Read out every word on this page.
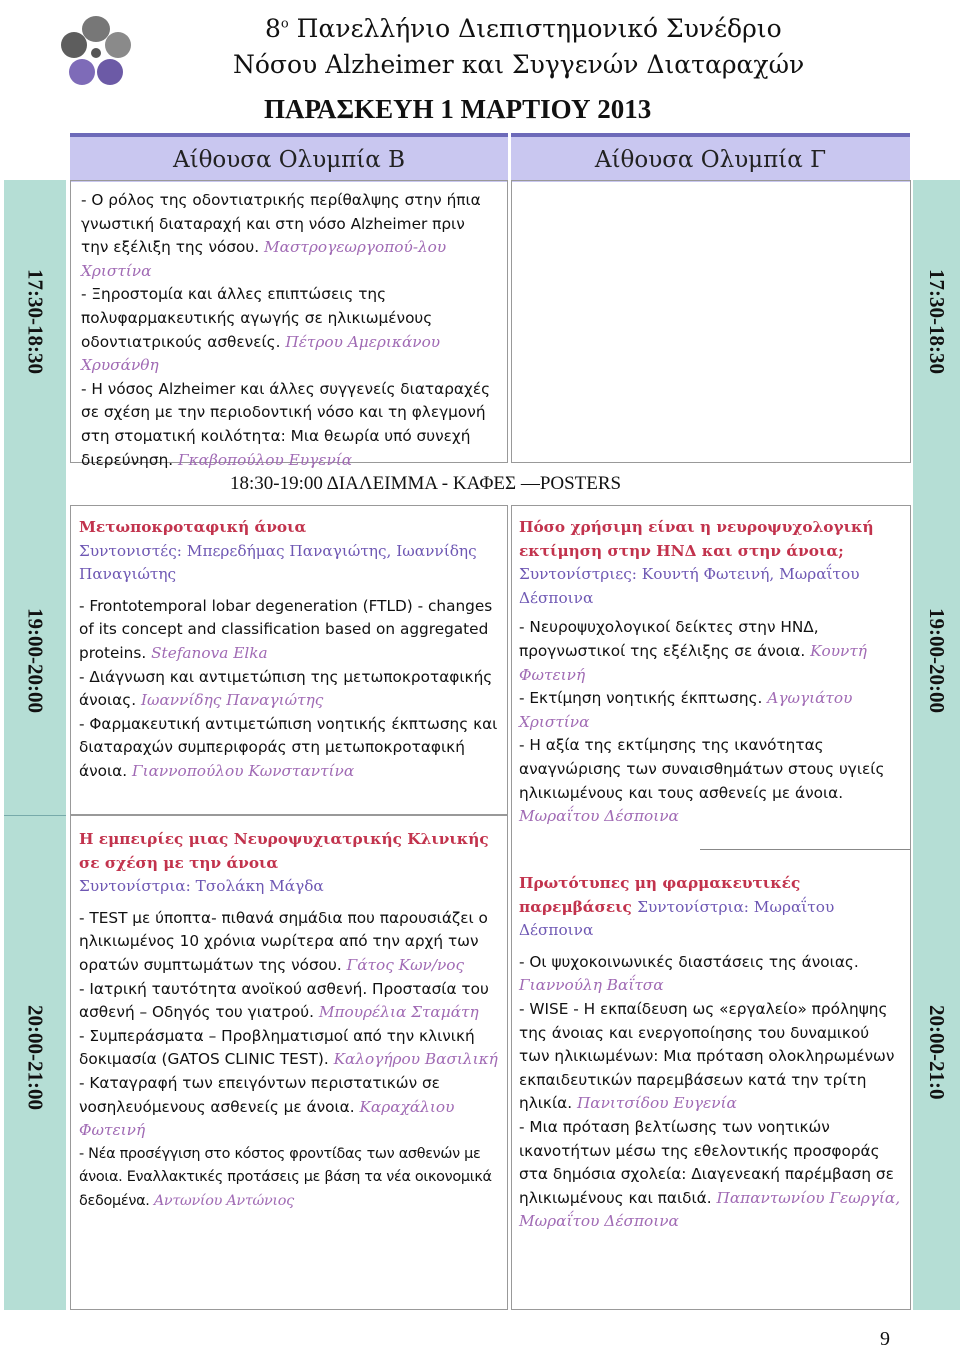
$8^o$ Πανελλήνιο Διεπιστημονικό Συνέδριο
Νόσου Alzheimer και Συγγενών Διαταραχών
ΠΑΡΑΣΚΕΥΗ 1 ΜΑΡΤΙΟΥ 2013
Αίθουσα Ολυμπία Β	Αίθουσα Ολυμπία Γ
17:30-18:30
19:00-20:00
20:00-21:00
17:30-18:30
19:00-20:00
20:00-21:0

- Ο ρόλος της οδοντιατρικής περίθαλψης στην ήπια γνωστική διαταραχή και στη νόσο Alzheimer πριν την εξέλιξη της νόσου. Μαστρογεωργοπού-λου Χριστίνα

- Ξηροστομία και άλλες επιπτώσεις της πολυφαρμακευτικής αγωγής σε ηλικιωμένους οδοντιατρικούς ασθενείς. Πέτρου Αμερικάνου Χρυσάνθη

- Η νόσος Alzheimer και άλλες συγγενείς διαταραχές σε σχέση με την περιοδοντική νόσο και τη φλεγμονή στη στοματική κοιλότητα: Μια θεωρία υπό συνεχή διερεύνηση. Γκαβοπούλου Ευγενία

18:30-19:00 ΔΙΑΛΕΙΜΜΑ - ΚΑΦΕΣ —POSTERS

Μετωποκροταφική άνοια

Συντονιστές: Μπερεδήμας Παναγιώτης, Ιωαννίδης Παναγιώτης

- Frontotemporal lobar degeneration (FTLD) - changes of its concept and classification based on aggregated proteins. Stefanova Elka

- Διάγνωση και αντιμετώπιση της μετωποκροταφικής άνοιας. Ιωαννίδης Παναγιώτης

- Φαρμακευτική αντιμετώπιση νοητικής έκπτωσης και διαταραχών συμπεριφοράς στη μετωποκροταφική άνοια. Γιαννοπούλου Κωνσταντίνα

Η εμπειρίες μιας Νευροψυχιατρικής Κλινικής σε σχέση με την άνοια

Συντονίστρια: Τσολάκη Μάγδα

- TEST με ύποπτα- πιθανά σημάδια που παρουσιάζει ο ηλικιωμένος 10 χρόνια νωρίτερα από την αρχή των ορατών συμπτωμάτων της νόσου. Γάτος Κων/νος

- Ιατρική ταυτότητα ανοϊκού ασθενή. Προστασία του ασθενή – Οδηγός του γιατρού. Μπουρέλια Σταμάτη

- Συμπεράσματα – Προβληματισμοί από την κλινική δοκιμασία (GATOS CLINIC TEST). Καλογήρου Βασιλική

- Καταγραφή των επειγόντων περιστατικών σε νοσηλευόμενους ασθενείς με άνοια. Καραχάλιου Φωτεινή

- Νέα προσέγγιση στο κόστος φροντίδας των ασθενών με άνοια. Εναλλακτικές προτάσεις με βάση τα νέα οικονομικά δεδομένα. Αντωνίου Αντώνιος

Πόσο χρήσιμη είναι η νευροψυχολογική εκτίμηση στην ΗΝΔ και στην άνοια;

Συντονίστριες: Κουντή Φωτεινή, Μωραΐτου Δέσποινα

- Νευροψυχολογικοί δείκτες στην ΗΝΔ, προγνωστικοί της εξέλιξης σε άνοια. Κουντή Φωτεινή

- Εκτίμηση νοητικής έκπτωσης. Αγωγιάτου Χριστίνα

- Η αξία της εκτίμησης της ικανότητας αναγνώρισης των συναισθημάτων στους υγιείς ηλικιωμένους και τους ασθενείς με άνοια. Μωραΐτου Δέσποινα

Πρωτότυπες μη φαρμακευτικές παρεμβάσεις Συντονίστρια: Μωραΐτου Δέσποινα

- Οι ψυχοκοινωνικές διαστάσεις της άνοιας. Γιαννούλη Βαΐτσα

- WISE - Η εκπαίδευση ως «εργαλείο» πρόληψης της άνοιας και ενεργοποίησης του δυναμικού των ηλικιωμένων: Μια πρόταση ολοκληρωμένων εκπαιδευτικών παρεμβάσεων κατά την τρίτη ηλικία. Πανιτσίδου Ευγενία

- Μια πρόταση βελτίωσης των νοητικών ικανοτήτων μέσω της εθελοντικής προσφοράς στα δημόσια σχολεία: Διαγενεακή παρέμβαση σε ηλικιωμένους και παιδιά. Παπαντωνίου Γεωργία, Μωραΐτου Δέσποινα

9
